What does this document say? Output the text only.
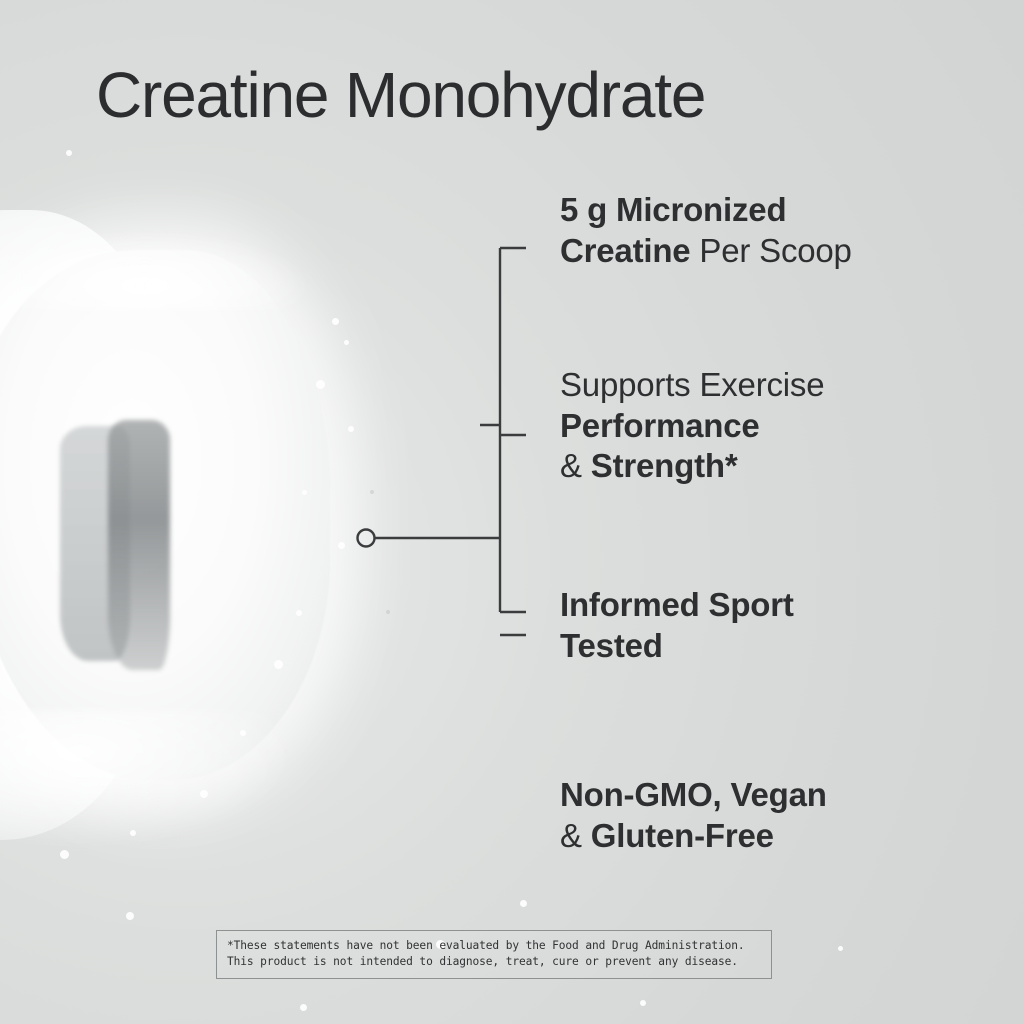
Creatine Monohydrate
5 g Micronized
Creatine Per Scoop
Supports Exercise
Performance
& Strength*
Informed Sport
Tested
Non-GMO, Vegan
& Gluten-Free

*These statements have not been evaluated by the Food and Drug Administration.

This product is not intended to diagnose, treat, cure or prevent any disease.
